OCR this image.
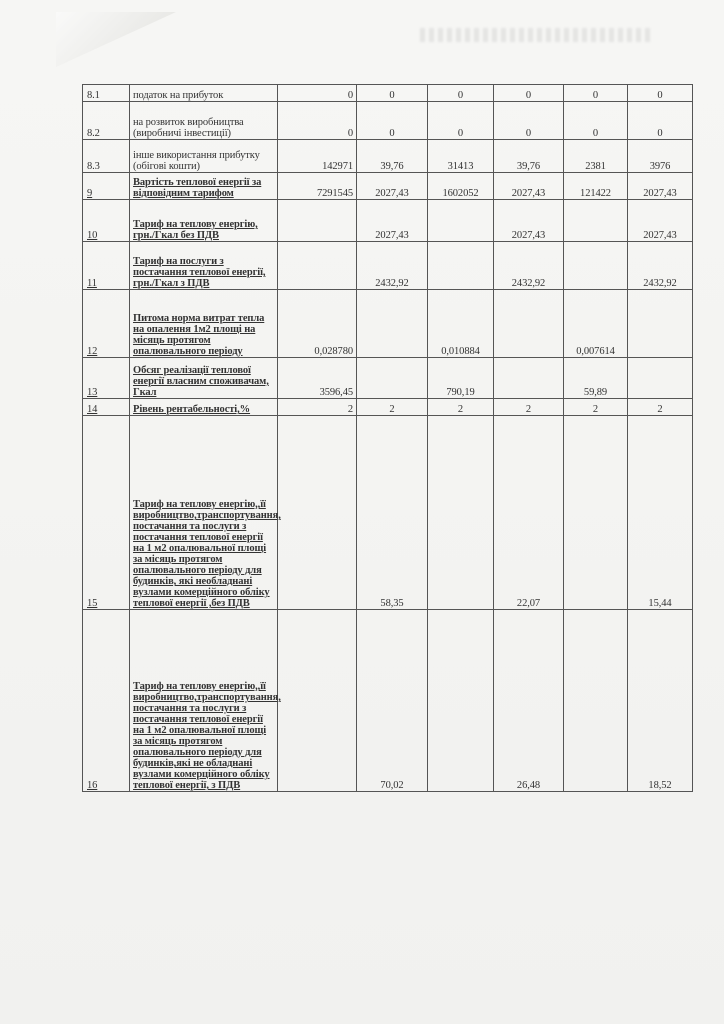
8.1	податок на прибуток	0	0	0	0	0	0
8.2	на розвиток виробництва (виробничі інвестиції)	0	0	0	0	0	0
8.3	інше використання прибутку (обігові кошти)	142971	39,76	31413	39,76	2381	3976
9	Вартість теплової енергії за відповідним тарифом	7291545	2027,43	1602052	2027,43	121422	2027,43
10	Тариф на теплову енергію, грн./Гкал без ПДВ		2027,43		2027,43		2027,43
11	Тариф на послуги з постачання теплової енергії, грн./Гкал з ПДВ		2432,92		2432,92		2432,92
12	Питома норма витрат тепла на опалення 1м2 площі на місяць протягом опалювального періоду	0,028780		0,010884		0,007614	
13	Обсяг реалізації теплової енергії власним споживачам, Гкал	3596,45		790,19		59,89	
14	Рівень рентабельності,%	2	2	2	2	2	2
15	Тариф на теплову енергію,,її виробництво,транспортування, постачання та послуги з постачання теплової енергії на 1 м2 опалювальної площі за місяць протягом опалювального періоду для будинків, які необладнані вузлами комерційного обліку теплової енергії ,без ПДВ		58,35		22,07		15,44
16	Тариф на теплову енергію,,її виробництво,транспортування, постачання та послуги з постачання теплової енергії на 1 м2 опалювальної площі за місяць протягом опалювального періоду для будинків,які не обладнані вузлами комерційного обліку теплової енергії, з ПДВ		70,02		26,48		18,52
